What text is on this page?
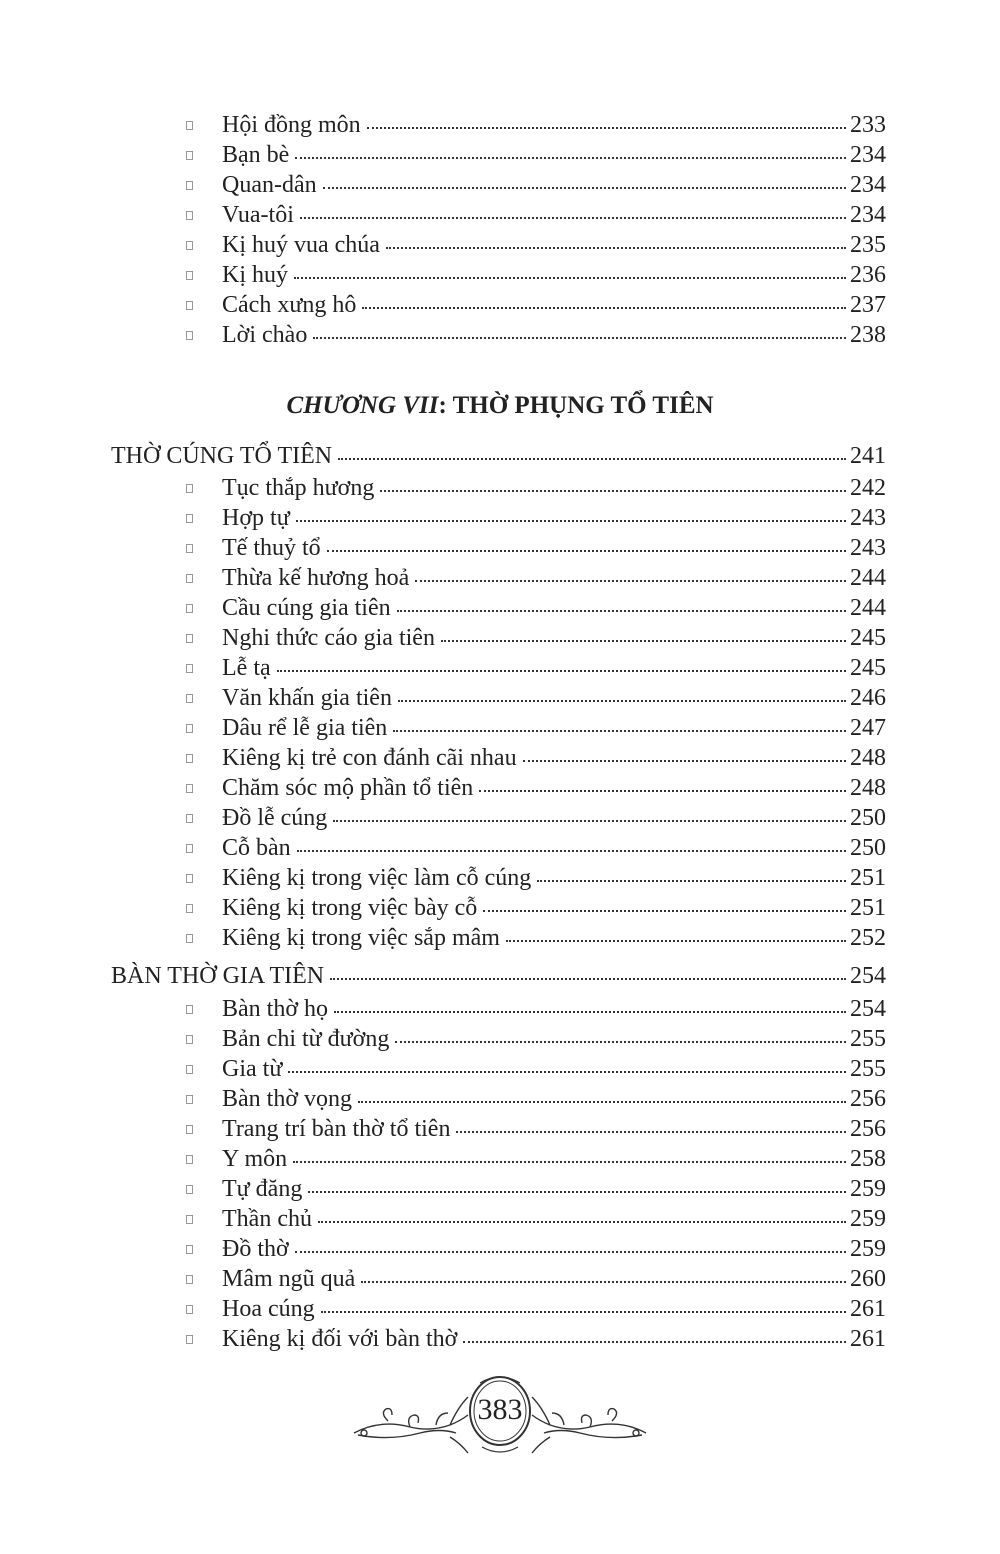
Hội đồng môn	233
Bạn bè	234
Quan-dân	234
Vua-tôi	234
Kị huý vua chúa	235
Kị huý	236
Cách xưng hô	237
Lời chào	238
CHƯƠNG VII: THỜ PHỤNG TỔ TIÊN
THỜ CÚNG TỔ TIÊN	241
Tục thắp hương	242
Hợp tự	243
Tế thuỷ tổ	243
Thừa kế hương hoả	244
Cầu cúng gia tiên	244
Nghi thức cáo gia tiên	245
Lễ tạ	245
Văn khấn gia tiên	246
Dâu rể lễ gia tiên	247
Kiêng kị trẻ con đánh cãi nhau	248
Chăm sóc mộ phần tổ tiên	248
Đồ lễ cúng	250
Cỗ bàn	250
Kiêng kị trong việc làm cỗ cúng	251
Kiêng kị trong việc bày cỗ	251
Kiêng kị trong việc sắp mâm	252
BÀN THỜ GIA TIÊN	254
Bàn thờ họ	254
Bản chi từ đường	255
Gia từ	255
Bàn thờ vọng	256
Trang trí bàn thờ tổ tiên	256
Y môn	258
Tự đăng	259
Thần chủ	259
Đồ thờ	259
Mâm ngũ quả	260
Hoa cúng	261
Kiêng kị đối với bàn thờ	261
383
